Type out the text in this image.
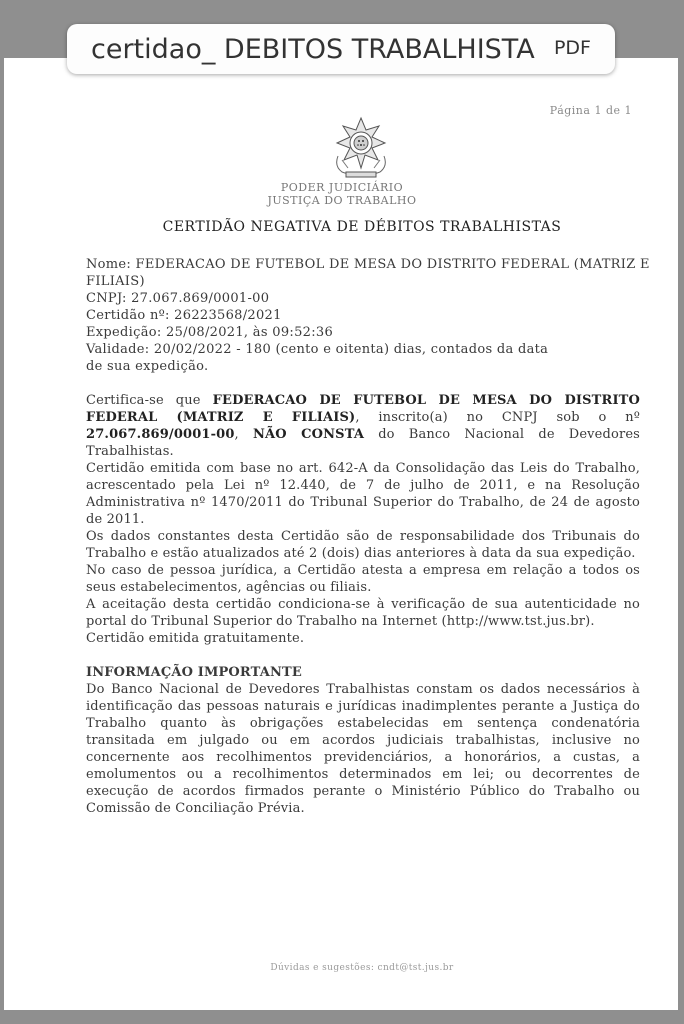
certidao_ DEBITOS TRABALHISTA PDF
Página 1 de 1
PODER JUDICIÁRIO
JUSTIÇA DO TRABALHO
CERTIDÃO NEGATIVA DE DÉBITOS TRABALHISTAS
Nome: FEDERACAO DE FUTEBOL DE MESA DO DISTRITO FEDERAL (MATRIZ E
FILIAIS)
CNPJ: 27.067.869/0001-00
Certidão nº: 26223568/2021
Expedição: 25/08/2021, às 09:52:36
Validade: 20/02/2022 - 180 (cento e oitenta) dias, contados da data
de sua expedição.
Certifica-se que FEDERACAO DE FUTEBOL DE MESA DO DISTRITO FEDERAL (MATRIZ E FILIAIS), inscrito(a) no CNPJ sob o nº 27.067.869/0001-00, NÃO CONSTA do Banco Nacional de Devedores Trabalhistas.
Certidão emitida com base no art. 642-A da Consolidação das Leis do Trabalho, acrescentado pela Lei nº 12.440, de 7 de julho de 2011, e na Resolução Administrativa nº 1470/2011 do Tribunal Superior do Trabalho, de 24 de agosto de 2011.
Os dados constantes desta Certidão são de responsabilidade dos Tribunais do Trabalho e estão atualizados até 2 (dois) dias anteriores à data da sua expedição.
No caso de pessoa jurídica, a Certidão atesta a empresa em relação a todos os seus estabelecimentos, agências ou filiais.
A aceitação desta certidão condiciona-se à verificação de sua autenticidade no portal do Tribunal Superior do Trabalho na Internet (http://www.tst.jus.br).
Certidão emitida gratuitamente.
INFORMAÇÃO IMPORTANTE
Do Banco Nacional de Devedores Trabalhistas constam os dados necessários à identificação das pessoas naturais e jurídicas inadimplentes perante a Justiça do Trabalho quanto às obrigações estabelecidas em sentença condenatória transitada em julgado ou em acordos judiciais trabalhistas, inclusive no concernente aos recolhimentos previdenciários, a honorários, a custas, a emolumentos ou a recolhimentos determinados em lei; ou decorrentes de execução de acordos firmados perante o Ministério Público do Trabalho ou Comissão de Conciliação Prévia.
Dúvidas e sugestões: cndt@tst.jus.br
